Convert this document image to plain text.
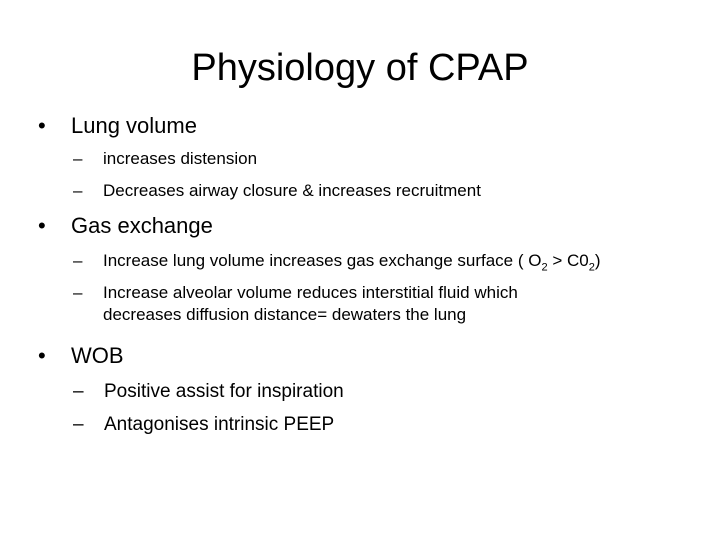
Physiology of CPAP
• Lung volume
– increases distension
– Decreases airway closure & increases recruitment
• Gas exchange
– Increase lung volume increases gas exchange surface ( $O_2 > C0_2$)
– Increase alveolar volume reduces interstitial fluid which
decreases diffusion distance= dewaters the lung
• WOB
– Positive assist for inspiration
– Antagonises intrinsic PEEP
